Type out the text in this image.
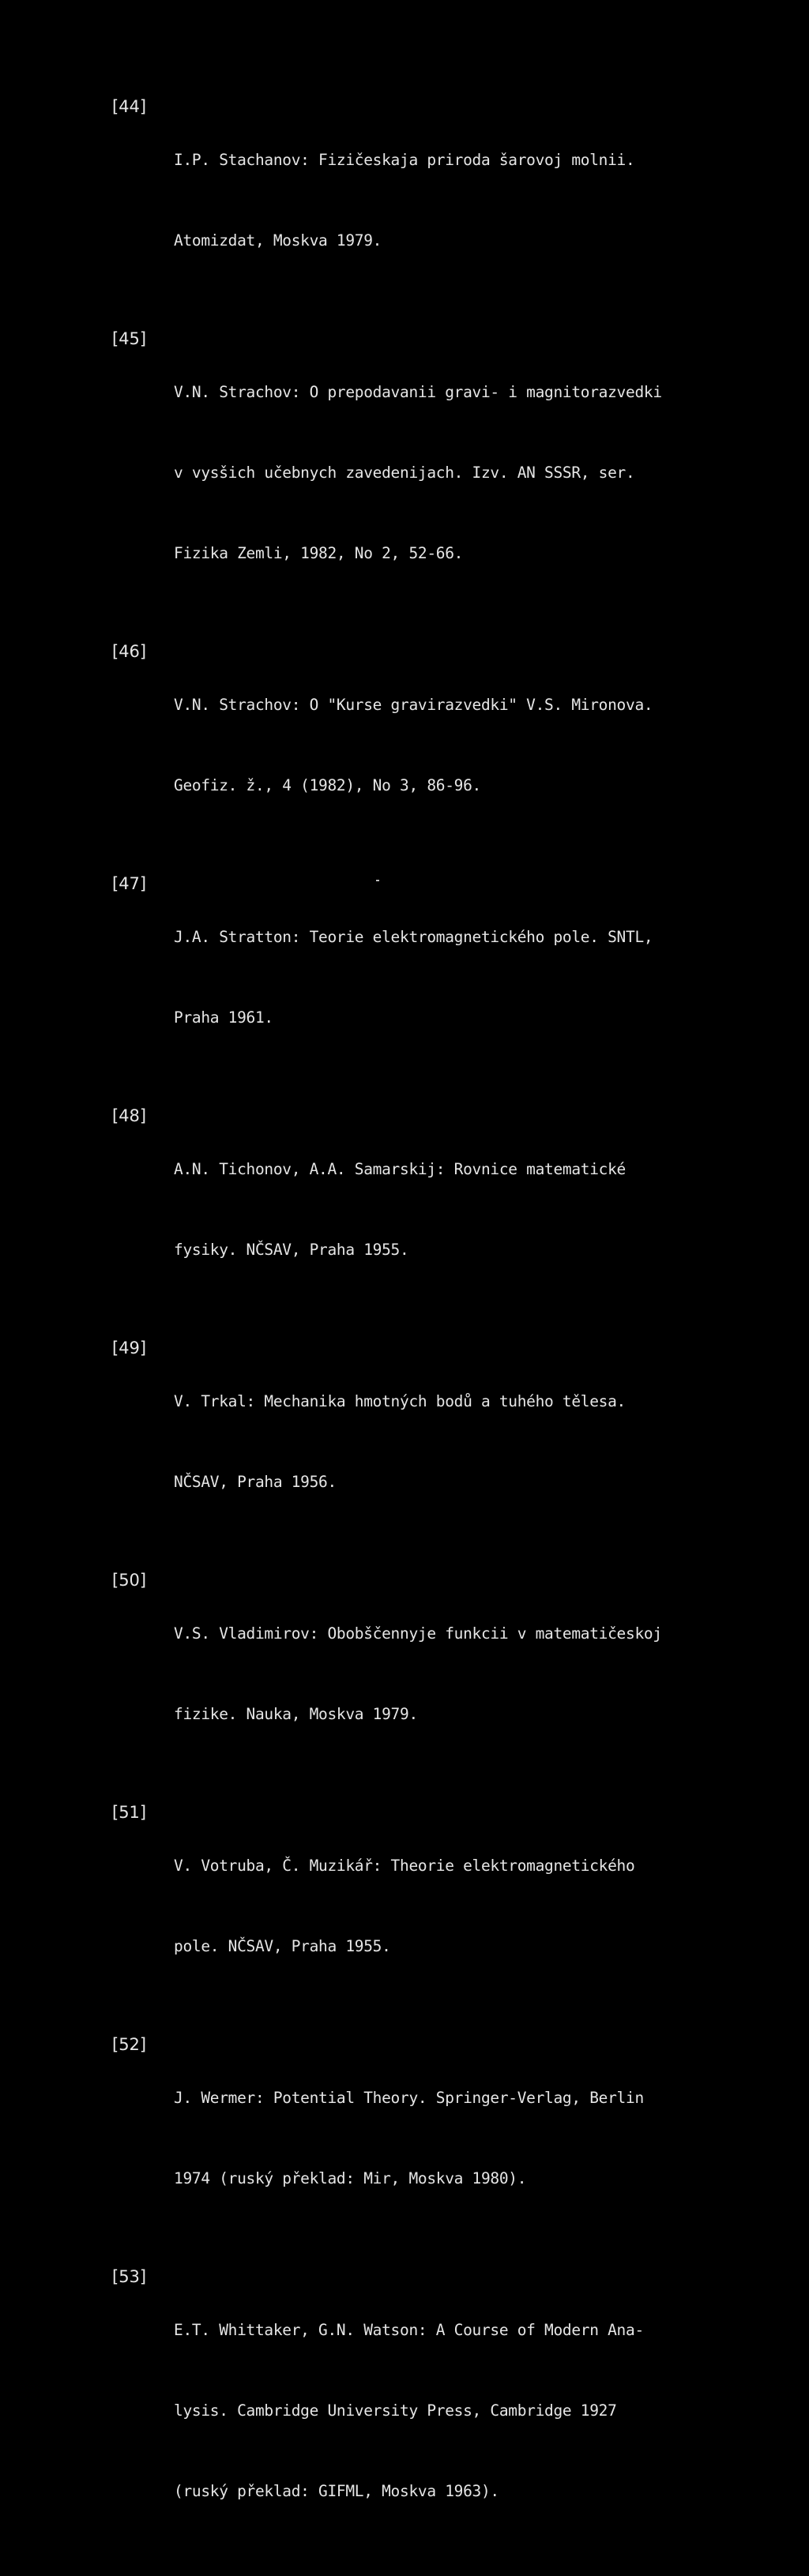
[44]

I.P. Stachanov: Fizičeskaja priroda šarovoj molnii.

Atomizdat, Moskva 1979.

[45]

V.N. Strachov: O prepodavanii gravi- i magnitorazvedki

v vysšich učebnych zavedenijach. Izv. AN SSSR, ser.

Fizika Zemli, 1982, No 2, 52-66.

[46]

V.N. Strachov: O "Kurse gravirazvedki" V.S. Mironova.

Geofiz. ž., 4 (1982), No 3, 86-96.

[47]

J.A. Stratton: Teorie elektromagnetického pole. SNTL,

Praha 1961.

[48]

A.N. Tichonov, A.A. Samarskij: Rovnice matematické

fysiky. NČSAV, Praha 1955.

[49]

V. Trkal: Mechanika hmotných bodů a tuhého tělesa.

NČSAV, Praha 1956.

[50]

V.S. Vladimirov: Obobščennyje funkcii v matematičeskoj

fizike. Nauka, Moskva 1979.

[51]

V. Votruba, Č. Muzikář: Theorie elektromagnetického

pole. NČSAV, Praha 1955.

[52]

J. Wermer: Potential Theory. Springer-Verlag, Berlin

1974 (ruský překlad: Mir, Moskva 1980).

[53]

E.T. Whittaker, G.N. Watson: A Course of Modern Ana-

lysis. Cambridge University Press, Cambridge 1927

(ruský překlad: GIFML, Moskva 1963).
